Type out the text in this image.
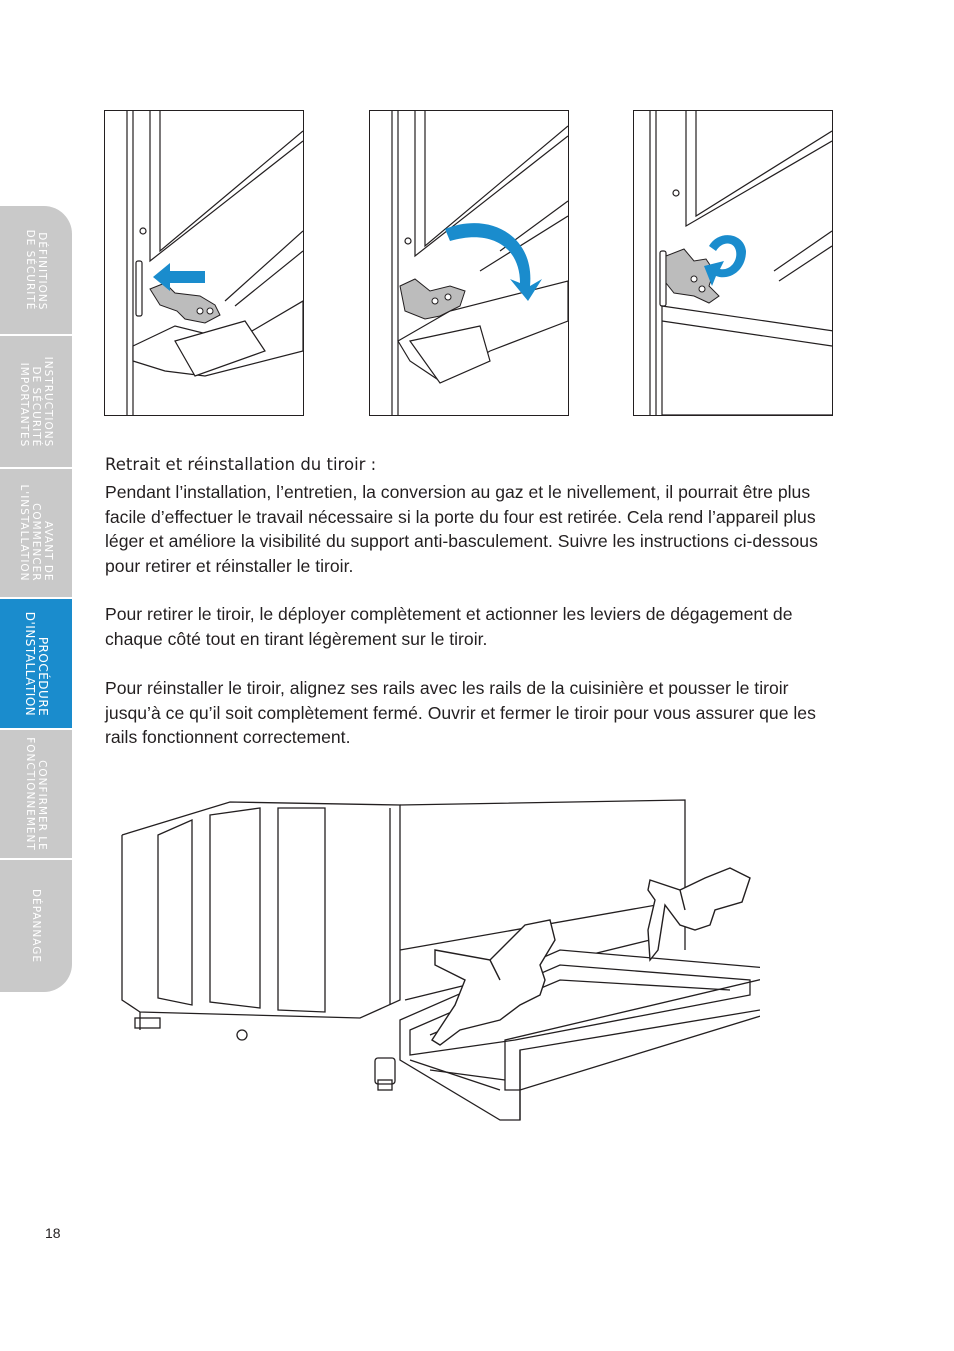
DÉFINITIONS
DE SÉCURITÉ
INSTRUCTIONS
DE SÉCURITÉ
IMPORTANTES
AVANT DE
COMMENCER
L'INSTALLATION
PROCÉDURE
D'INSTALLATION
CONFIRMER LE
FONCTIONNEMENT
DÉPANNAGE
Retrait et réinstallation du tiroir :

Pendant l’installation, l’entretien, la conversion au gaz et le nivellement, il pourrait être plus facile d’effectuer le travail nécessaire si la porte du four est retirée. Cela rend l’appareil plus léger et améliore la visibilité du support anti-basculement. Suivre les instructions ci-dessous pour retirer et réinstaller le tiroir.

Pour retirer le tiroir, le déployer complètement et actionner les leviers de dégagement de chaque côté tout en tirant légèrement sur le tiroir.

Pour réinstaller le tiroir, alignez ses rails avec les rails de la cuisinière et pousser le tiroir jusqu’à ce qu’il soit complètement fermé. Ouvrir et fermer le tiroir pour vous assurer que les rails fonctionnent correctement.

18
